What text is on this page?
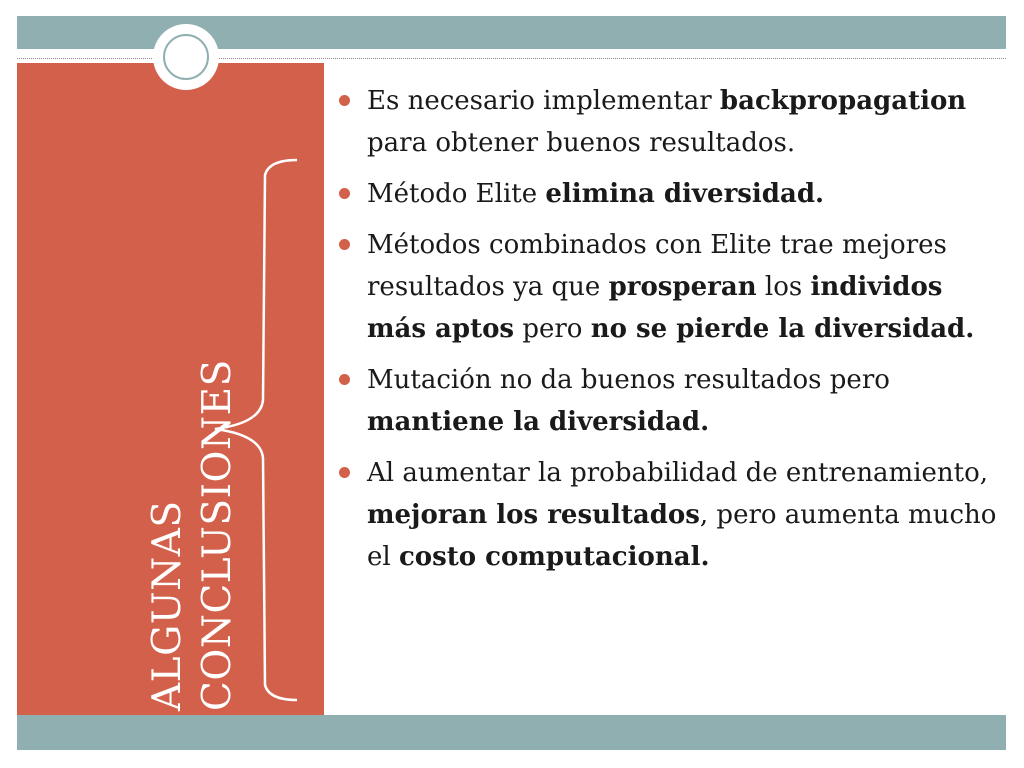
ALGUNAS CONCLUSIONES
Es necesario implementar backpropagation para obtener buenos resultados.
Método Elite elimina diversidad.
Métodos combinados con Elite trae mejores resultados ya que prosperan los individos más aptos pero no se pierde la diversidad.
Mutación no da buenos resultados pero mantiene la diversidad.
Al aumentar la probabilidad de entrenamiento, mejoran los resultados, pero aumenta mucho el costo computacional.
